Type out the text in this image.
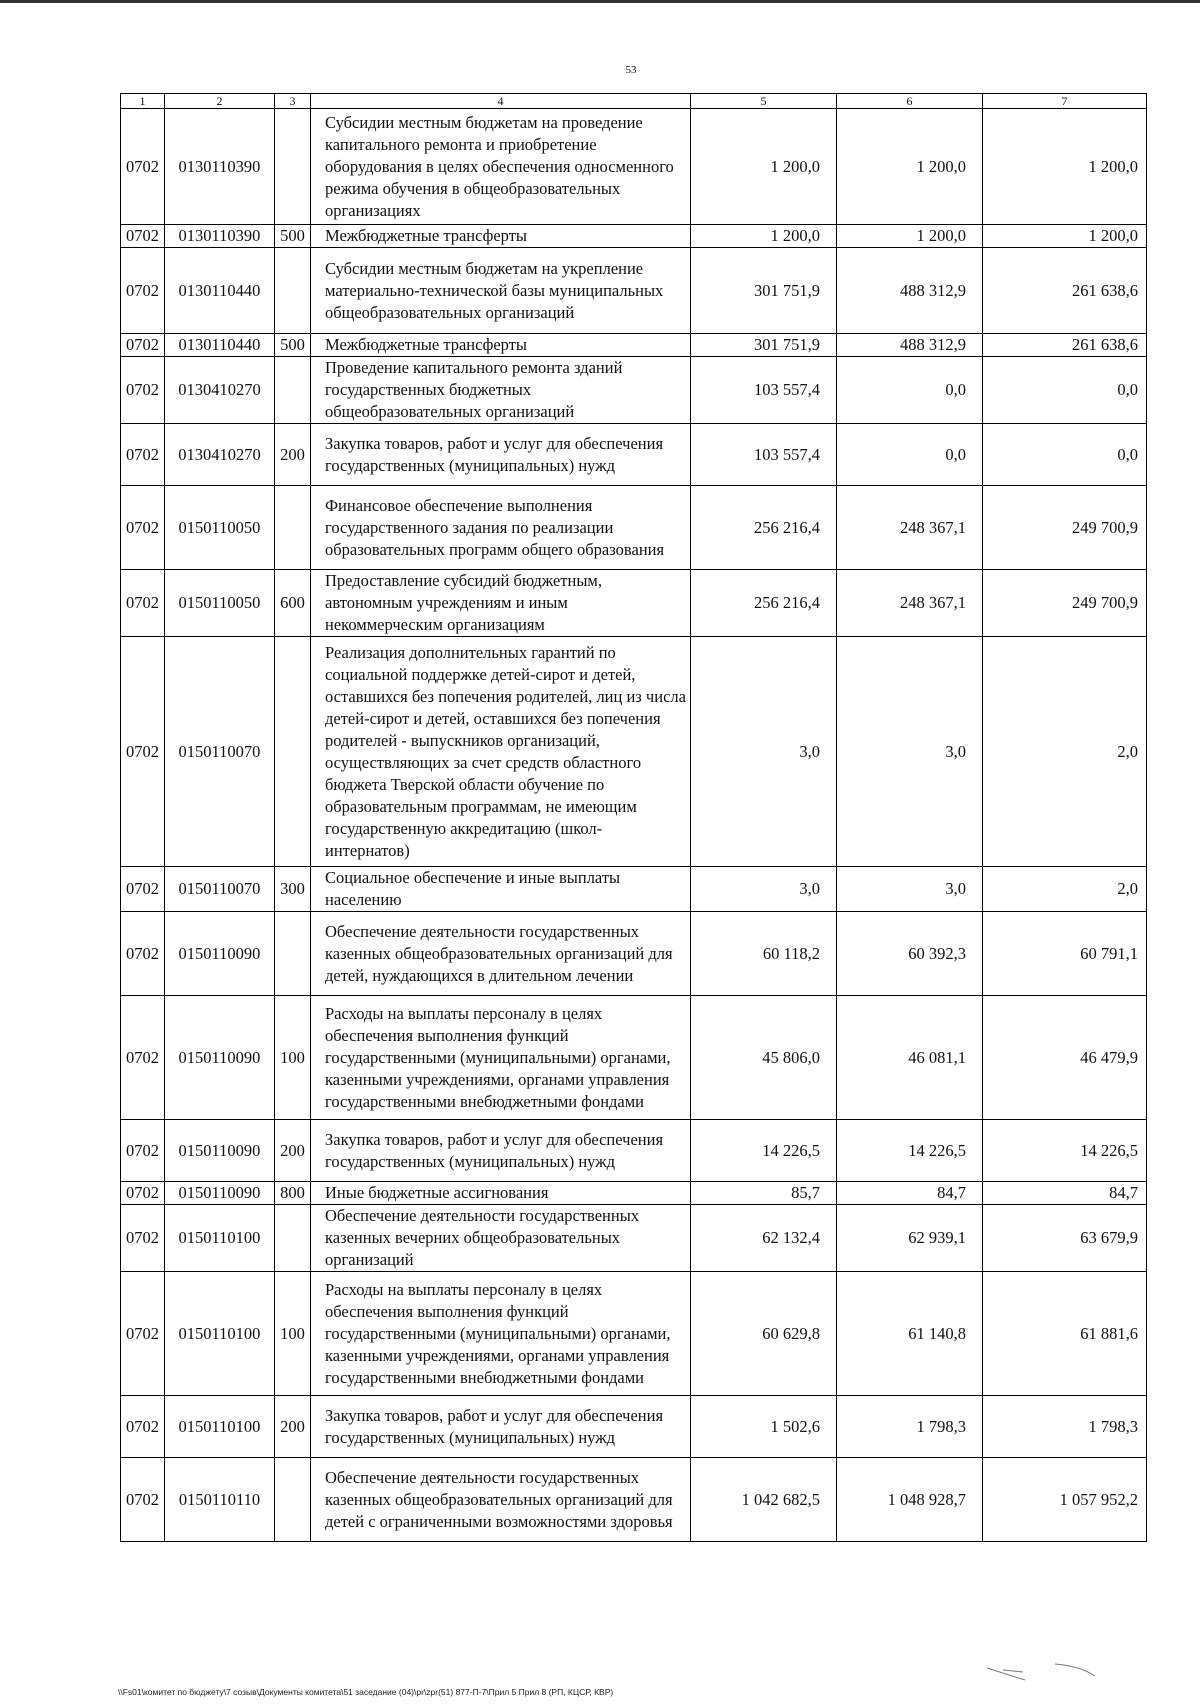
53
1	2	3	4	5	6	7
0702	0130110390		Субсидии местным бюджетам на проведение капитального ремонта и приобретение оборудования в целях обеспечения односменного режима обучения в общеобразовательных организациях	1 200,0	1 200,0	1 200,0
0702	0130110390	500	Межбюджетные трансферты	1 200,0	1 200,0	1 200,0
0702	0130110440		Субсидии местным бюджетам на укрепление материально-технической базы муниципальных общеобразовательных организаций	301 751,9	488 312,9	261 638,6
0702	0130110440	500	Межбюджетные трансферты	301 751,9	488 312,9	261 638,6
0702	0130410270		Проведение капитального ремонта зданий государственных бюджетных общеобразовательных организаций	103 557,4	0,0	0,0
0702	0130410270	200	Закупка товаров, работ и услуг для обеспечения государственных (муниципальных) нужд	103 557,4	0,0	0,0
0702	0150110050		Финансовое обеспечение выполнения государственного задания по реализации образовательных программ общего образования	256 216,4	248 367,1	249 700,9
0702	0150110050	600	Предоставление субсидий бюджетным, автономным учреждениям и иным некоммерческим организациям	256 216,4	248 367,1	249 700,9
0702	0150110070		Реализация дополнительных гарантий по социальной поддержке детей-сирот и детей, оставшихся без попечения родителей, лиц из числа детей-сирот и детей, оставшихся без попечения родителей - выпускников организаций, осуществляющих за счет средств областного бюджета Тверской области обучение по образовательным программам, не имеющим государственную аккредитацию (школ-интернатов)	3,0	3,0	2,0
0702	0150110070	300	Социальное обеспечение и иные выплаты населению	3,0	3,0	2,0
0702	0150110090		Обеспечение деятельности государственных казенных общеобразовательных организаций для детей, нуждающихся в длительном лечении	60 118,2	60 392,3	60 791,1
0702	0150110090	100	Расходы на выплаты персоналу в целях обеспечения выполнения функций государственными (муниципальными) органами, казенными учреждениями, органами управления государственными внебюджетными фондами	45 806,0	46 081,1	46 479,9
0702	0150110090	200	Закупка товаров, работ и услуг для обеспечения государственных (муниципальных) нужд	14 226,5	14 226,5	14 226,5
0702	0150110090	800	Иные бюджетные ассигнования	85,7	84,7	84,7
0702	0150110100		Обеспечение деятельности государственных казенных вечерних общеобразовательных организаций	62 132,4	62 939,1	63 679,9
0702	0150110100	100	Расходы на выплаты персоналу в целях обеспечения выполнения функций государственными (муниципальными) органами, казенными учреждениями, органами управления государственными внебюджетными фондами	60 629,8	61 140,8	61 881,6
0702	0150110100	200	Закупка товаров, работ и услуг для обеспечения государственных (муниципальных) нужд	1 502,6	1 798,3	1 798,3
0702	0150110110		Обеспечение деятельности государственных казенных общеобразовательных организаций для детей с ограниченными возможностями здоровья	1 042 682,5	1 048 928,7	1 057 952,2
\\Fs01\комитет по бюджету\7 созыв\Документы комитета\51 заседание (04)\pr\zpr(51) 877-П-7\Прил 5 Прил 8 (РП, КЦСР, КВР)
